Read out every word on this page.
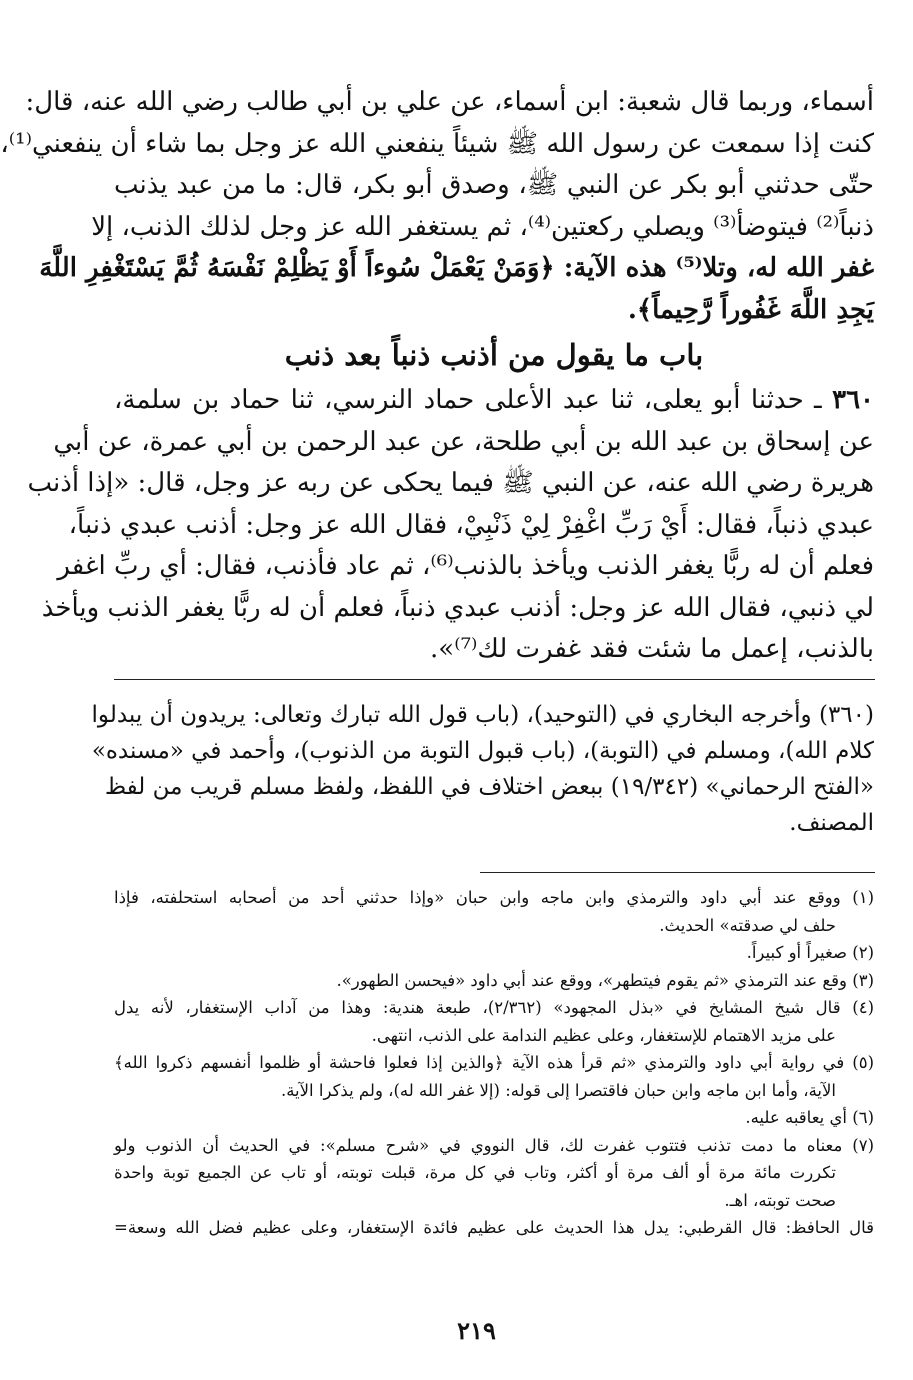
أسماء، وربما قال شعبة: ابن أسماء، عن علي بن أبي طالب رضي الله عنه، قال:
كنت إذا سمعت عن رسول الله ﷺ شيئاً ينفعني الله عز وجل بما شاء أن ينفعني⁽¹⁾،
حتّى حدثني أبو بكر عن النبي ﷺ، وصدق أبو بكر، قال: ما من عبد يذنب
ذنباً⁽²⁾ فيتوضأ⁽³⁾ ويصلي ركعتين⁽⁴⁾، ثم يستغفر الله عز وجل لذلك الذنب، إلا
غفر الله له، وتلا⁽⁵⁾ هذه الآية: ﴿وَمَنْ يَعْمَلْ سُوءاً أَوْ يَظْلِمْ نَفْسَهُ ثُمَّ يَسْتَغْفِرِ اللَّهَ
يَجِدِ اللَّهَ غَفُوراً رَّحِيماً﴾.
باب ما يقول من أذنب ذنباً بعد ذنب
٣٦٠ ـ حدثنا أبو يعلى، ثنا عبد الأعلى حماد النرسي، ثنا حماد بن سلمة،
عن إسحاق بن عبد الله بن أبي طلحة، عن عبد الرحمن بن أبي عمرة، عن أبي
هريرة رضي الله عنه، عن النبي ﷺ فيما يحكى عن ربه عز وجل، قال: «إذا أذنب
عبدي ذنباً، فقال: أَيْ رَبِّ اغْفِرْ لِيْ ذَنْبِيْ، فقال الله عز وجل: أذنب عبدي ذنباً،
فعلم أن له ربًّا يغفر الذنب ويأخذ بالذنب⁽⁶⁾، ثم عاد فأذنب، فقال: أي ربِّ اغفر
لي ذنبي، فقال الله عز وجل: أذنب عبدي ذنباً، فعلم أن له ربًّا يغفر الذنب ويأخذ
بالذنب، إعمل ما شئت فقد غفرت لك⁽⁷⁾».
(٣٦٠) وأخرجه البخاري في (التوحيد)، (باب قول الله تبارك وتعالى: يريدون أن يبدلوا
كلام الله)، ومسلم في (التوبة)، (باب قبول التوبة من الذنوب)، وأحمد في «مسنده»
«الفتح الرحماني» (١٩/٣٤٢) ببعض اختلاف في اللفظ، ولفظ مسلم قريب من لفظ
المصنف.
(١) ووقع عند أبي داود والترمذي وابن ماجه وابن حبان «وإذا حدثني أحد من أصحابه استحلفته، فإذا
حلف لي صدقته» الحديث.
(٢) صغيراً أو كبيراً.
(٣) وقع عند الترمذي «ثم يقوم فيتطهر»، ووقع عند أبي داود «فيحسن الطهور».
(٤) قال شيخ المشايخ في «بذل المجهود» (٢/٣٦٢)، طبعة هندية: وهذا من آداب الإستغفار، لأنه يدل
على مزيد الاهتمام للإستغفار، وعلى عظيم الندامة على الذنب، انتهى.
(٥) في رواية أبي داود والترمذي «ثم قرأ هذه الآية ﴿والذين إذا فعلوا فاحشة أو ظلموا أنفسهم ذكروا الله﴾
الآية، وأما ابن ماجه وابن حبان فاقتصرا إلى قوله: (إلا غفر الله له)، ولم يذكرا الآية.
(٦) أي يعاقبه عليه.
(٧) معناه ما دمت تذنب فتتوب غفرت لك، قال النووي في «شرح مسلم»: في الحديث أن الذنوب ولو
تكررت مائة مرة أو ألف مرة أو أكثر، وتاب في كل مرة، قبلت توبته، أو تاب عن الجميع توبة واحدة
صحت توبته، اهـ.
قال الحافظ: قال القرطبي: يدل هذا الحديث على عظيم فائدة الإستغفار، وعلى عظيم فضل الله وسعة=
٢١٩
